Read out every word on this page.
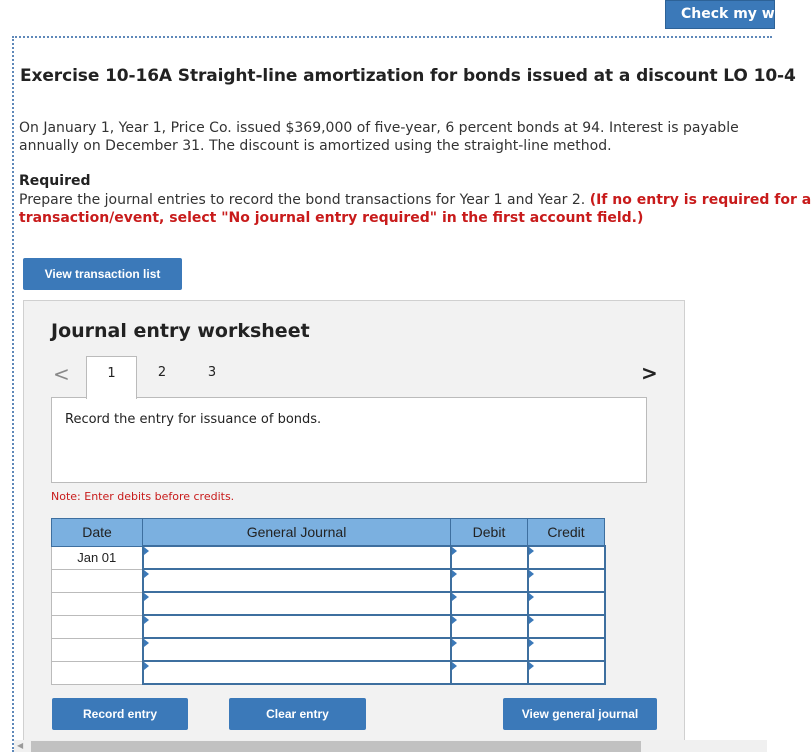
Check my work
Exercise 10-16A Straight-line amortization for bonds issued at a discount LO 10-4
On January 1, Year 1, Price Co. issued $369,000 of five-year, 6 percent bonds at 94. Interest is payable
annually on December 31. The discount is amortized using the straight-line method.
Required
Prepare the journal entries to record the bond transactions for Year 1 and Year 2. (If no entry is required for a
transaction/event, select "No journal entry required" in the first account field.)
View transaction list
Journal entry worksheet
<	>
1	2	3
Record the entry for issuance of bonds.
Note: Enter debits before credits.
Date	General Journal	Debit	Credit
Jan 01	

Record entry	Clear entry	View general journal
◀
